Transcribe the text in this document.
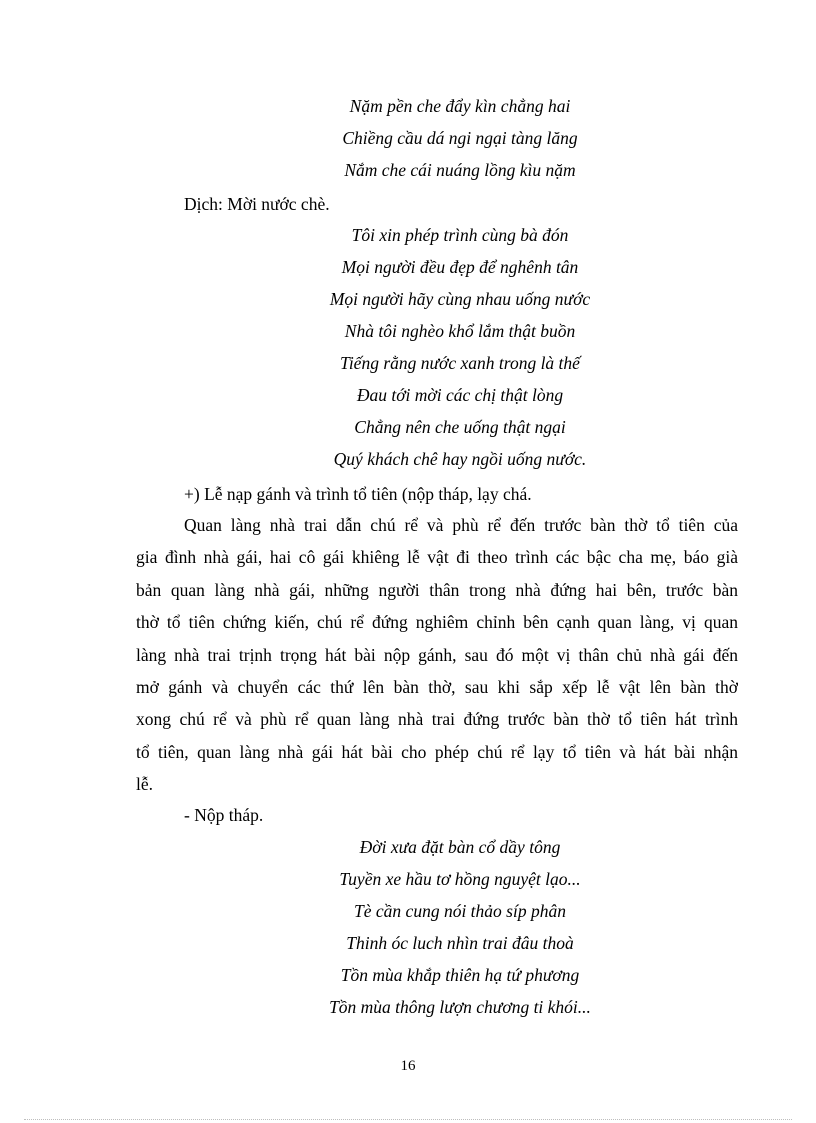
Nặm pền che đẩy kìn chẳng hai
Chiềng cầu dá ngi ngại tàng lăng
Nắm che cái nuáng lồng kìu nặm
Dịch: Mời nước chè.
Tôi xin phép trình cùng bà đón
Mọi người đều đẹp để nghênh tân
Mọi người hãy cùng nhau uống nước
Nhà tôi nghèo khổ lắm thật buồn
Tiếng rằng nước xanh trong là thế
Đau tới mời các chị thật lòng
Chẳng nên che uống thật ngại
Quý khách chê hay ngồi uống nước.
+) Lễ nạp gánh và trình tổ tiên (nộp tháp, lạy chá.
Quan làng nhà trai dẫn chú rể và phù rể đến trước bàn thờ tổ tiên của
gia đình nhà gái, hai cô gái khiêng lễ vật đi theo trình các bậc cha mẹ, báo già
bản quan làng nhà gái, những người thân trong nhà đứng hai bên, trước bàn
thờ tổ tiên chứng kiến, chú rể đứng nghiêm chỉnh bên cạnh quan làng, vị quan
làng nhà trai trịnh trọng hát bài nộp gánh, sau đó một vị thân chủ nhà gái đến
mở gánh và chuyển các thứ lên bàn thờ, sau khi sắp xếp lễ vật lên bàn thờ
xong chú rể và phù rể quan làng nhà trai đứng trước bàn thờ tổ tiên hát trình
tổ tiên, quan làng nhà gái hát bài cho phép chú rể lạy tổ tiên và hát bài nhận
lễ.
- Nộp tháp.
Đời xưa đặt bàn cổ dầy tông
Tuyền xe hầu tơ hồng nguyệt lạo...
Tè cần cung nói thảo síp phân
Thinh óc luch nhìn trai đâu thoà
Tồn mùa khắp thiên hạ tứ phương
Tồn mùa thông lượn chương ti khói...
16
